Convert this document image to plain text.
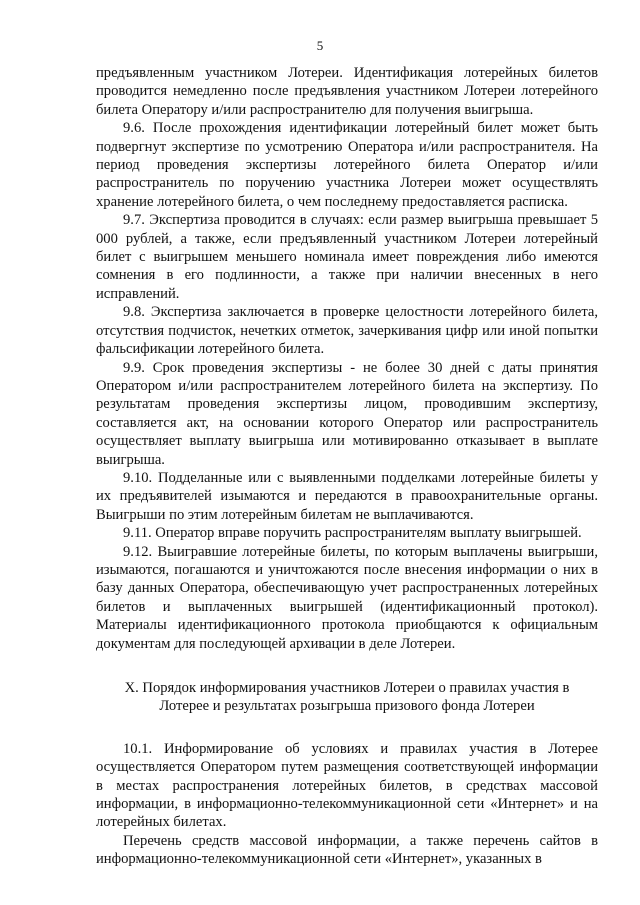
5

предъявленным участником Лотереи. Идентификация лотерейных билетов проводится немедленно после предъявления участником Лотереи лотерейного билета Оператору и/или распространителю для получения выигрыша.

9.6. После прохождения идентификации лотерейный билет может быть подвергнут экспертизе по усмотрению Оператора и/или распространителя. На период проведения экспертизы лотерейного билета Оператор и/или распространитель по поручению участника Лотереи может осуществлять хранение лотерейного билета, о чем последнему предоставляется расписка.

9.7. Экспертиза проводится в случаях: если размер выигрыша превышает 5 000 рублей, а также, если предъявленный участником Лотереи лотерейный билет с выигрышем меньшего номинала имеет повреждения либо имеются сомнения в его подлинности, а также при наличии внесенных в него исправлений.

9.8. Экспертиза заключается в проверке целостности лотерейного билета, отсутствия подчисток, нечетких отметок, зачеркивания цифр или иной попытки фальсификации лотерейного билета.

9.9. Срок проведения экспертизы - не более 30 дней с даты принятия Оператором и/или распространителем лотерейного билета на экспертизу. По результатам проведения экспертизы лицом, проводившим экспертизу, составляется акт, на основании которого Оператор или распространитель осуществляет выплату выигрыша или мотивированно отказывает в выплате выигрыша.

9.10. Подделанные или с выявленными подделками лотерейные билеты у их предъявителей изымаются и передаются в правоохранительные органы. Выигрыши по этим лотерейным билетам не выплачиваются.

9.11. Оператор вправе поручить распространителям выплату выигрышей.

9.12. Выигравшие лотерейные билеты, по которым выплачены выигрыши, изымаются, погашаются и уничтожаются после внесения информации о них в базу данных Оператора, обеспечивающую учет распространенных лотерейных билетов и выплаченных выигрышей (идентификационный протокол). Материалы идентификационного протокола приобщаются к официальным документам для последующей архивации в деле Лотереи.

X. Порядок информирования участников Лотереи о правилах участия в
Лотерее и результатах розыгрыша призового фонда Лотереи

10.1. Информирование об условиях и правилах участия в Лотерее осуществляется Оператором путем размещения соответствующей информации в местах распространения лотерейных билетов, в средствах массовой информации, в информационно-телекоммуникационной сети «Интернет» и на лотерейных билетах.

Перечень средств массовой информации, а также перечень сайтов в информационно-телекоммуникационной сети «Интернет», указанных в
